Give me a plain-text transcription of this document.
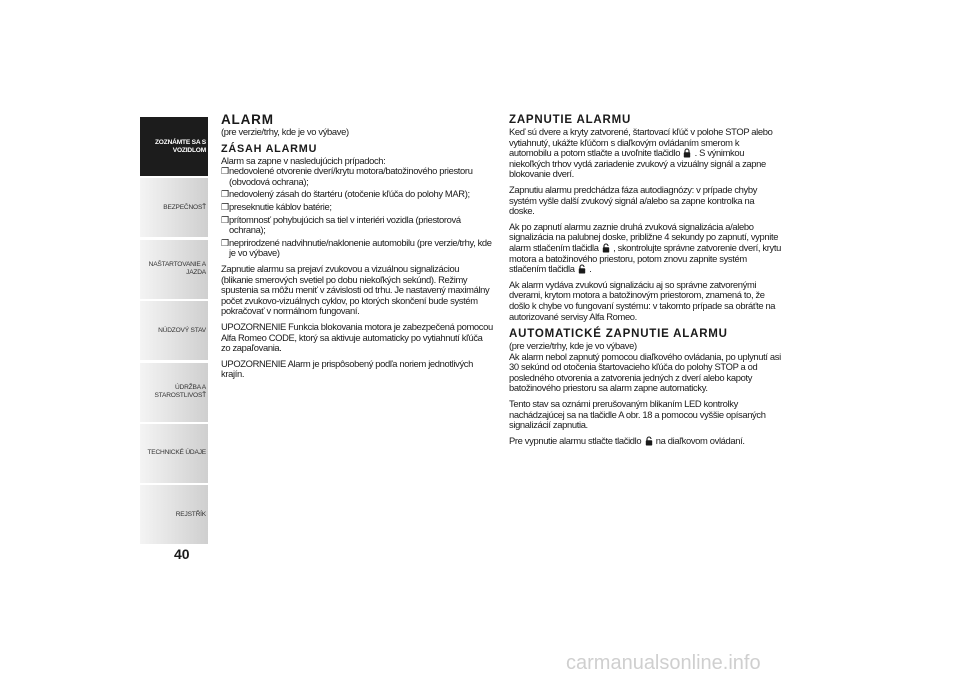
ZOZNÁMTE SA S VOZIDLOM
BEZPEČNOSŤ
NAŠTARTOVANIE A JAZDA
NÚDZOVÝ STAV
ÚDRŽBA A STAROSTLIVOSŤ
TECHNICKÉ ÚDAJE
REJSTŘÍK
40
ALARM

(pre verzie/trhy, kde je vo výbave)

ZÁSAH ALARMU

Alarm sa zapne v nasledujúcich prípadoch:

❒ nedovolené otvorenie dverí/krytu motora/batožinového priestoru (obvodová ochrana);
❒ nedovolený zásah do štartéru (otočenie kľúča do polohy MAR);
❒ preseknutie káblov batérie;
❒ prítomnosť pohybujúcich sa tiel v interiéri vozidla (priestorová ochrana);
❒ neprirodzené nadvihnutie/naklonenie automobilu (pre verzie/trhy, kde je vo výbave)

Zapnutie alarmu sa prejaví zvukovou a vizuálnou signalizáciou (blikanie smerových svetiel po dobu niekoľkých sekúnd). Režimy spustenia sa môžu meniť v závislosti od trhu. Je nastavený maximálny počet zvukovo-vizuálnych cyklov, po ktorých skončení bude systém pokračovať v normálnom fungovaní.

UPOZORNENIE Funkcia blokovania motora je zabezpečená pomocou Alfa Romeo CODE, ktorý sa aktivuje automaticky po vytiahnutí kľúča zo zapaľovania.

UPOZORNENIE Alarm je prispôsobený podľa noriem jednotlivých krajín.

ZAPNUTIE ALARMU

Keď sú dvere a kryty zatvorené, štartovací kľúč v polohe STOP alebo vytiahnutý, ukážte kľúčom s diaľkovým ovládaním smerom k automobilu a potom stlačte a uvoľnite tlačidlo . S výnimkou niekoľkých trhov vydá zariadenie zvukový a vizuálny signál a zapne blokovanie dverí.

Zapnutiu alarmu predchádza fáza autodiagnózy: v prípade chyby systém vyšle další zvukový signál a/alebo sa zapne kontrolka na doske.

Ak po zapnutí alarmu zaznie druhá zvuková signalizácia a/alebo signalizácia na palubnej doske, približne 4 sekundy po zapnutí, vypnite alarm stlačením tlačidla , skontrolujte správne zatvorenie dverí, krytu motora a batožinového priestoru, potom znovu zapnite systém stlačením tlačidla .

Ak alarm vydáva zvukovú signalizáciu aj so správne zatvorenými dverami, krytom motora a batožinovým priestorom, znamená to, že došlo k chybe vo fungovaní systému: v takomto prípade sa obráťte na autorizované servisy Alfa Romeo.

AUTOMATICKÉ ZAPNUTIE ALARMU

(pre verzie/trhy, kde je vo výbave)

Ak alarm nebol zapnutý pomocou diaľkového ovládania, po uplynutí asi 30 sekúnd od otočenia štartovacieho kľúča do polohy STOP a od posledného otvorenia a zatvorenia jedných z dverí alebo kapoty batožinového priestoru sa alarm zapne automaticky.

Tento stav sa oznámi prerušovaným blikaním LED kontrolky nachádzajúcej sa na tlačidle A obr. 18 a pomocou vyššie opísaných signalizácií zapnutia.

Pre vypnutie alarmu stlačte tlačidlo na diaľkovom ovládaní.

carmanualsonline.info
